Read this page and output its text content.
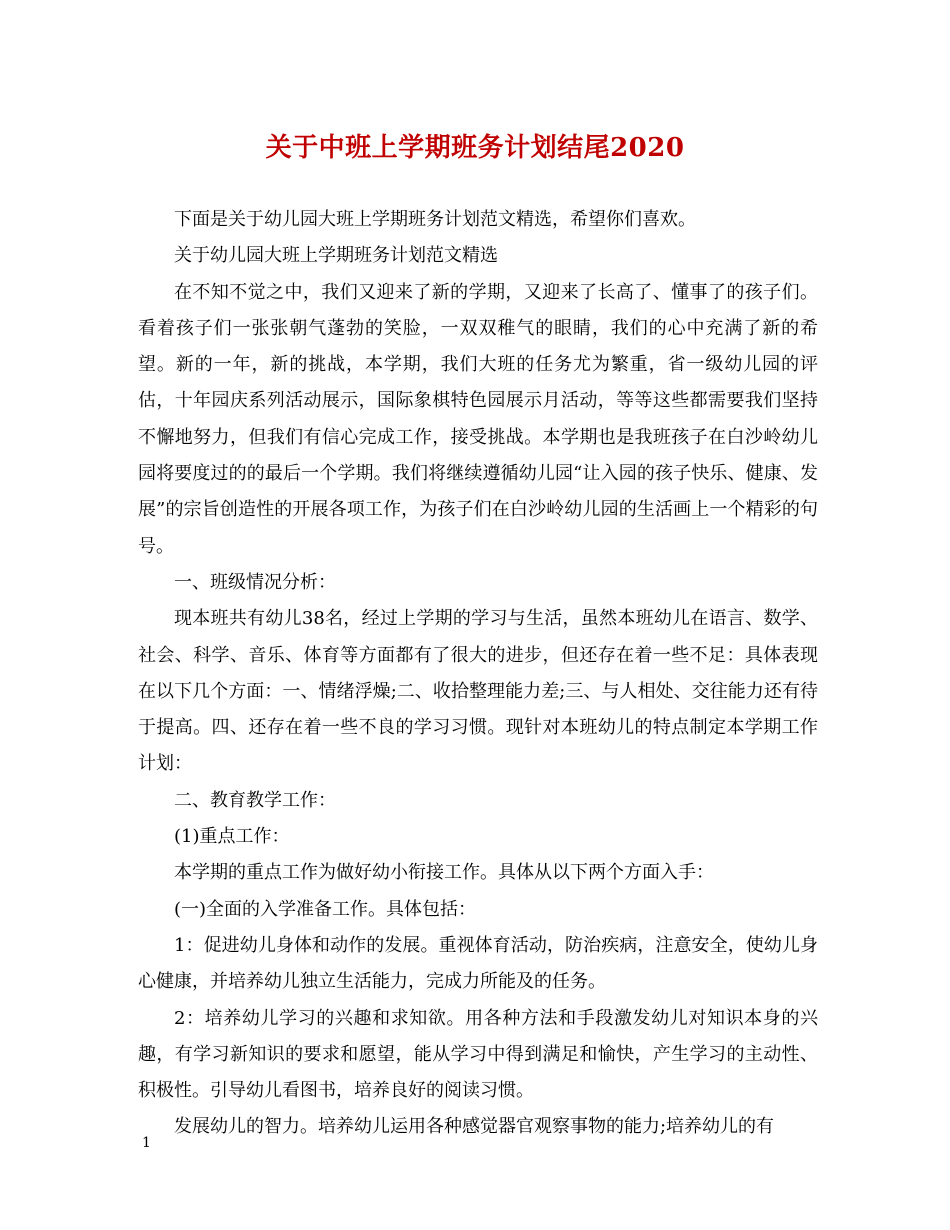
关于中班上学期班务计划结尾2020

下面是关于幼儿园大班上学期班务计划范文精选，希望你们喜欢。

关于幼儿园大班上学期班务计划范文精选

在不知不觉之中，我们又迎来了新的学期，又迎来了长高了、懂事了的孩子们。看着孩子们一张张朝气蓬勃的笑脸，一双双稚气的眼睛，我们的心中充满了新的希望。新的一年，新的挑战，本学期，我们大班的任务尤为繁重，省一级幼儿园的评估，十年园庆系列活动展示，国际象棋特色园展示月活动，等等这些都需要我们坚持不懈地努力，但我们有信心完成工作，接受挑战。本学期也是我班孩子在白沙岭幼儿园将要度过的的最后一个学期。我们将继续遵循幼儿园“让入园的孩子快乐、健康、发展”的宗旨创造性的开展各项工作，为孩子们在白沙岭幼儿园的生活画上一个精彩的句号。

一、班级情况分析：

现本班共有幼儿38名，经过上学期的学习与生活，虽然本班幼儿在语言、数学、社会、科学、音乐、体育等方面都有了很大的进步，但还存在着一些不足：具体表现在以下几个方面：一、情绪浮燥;二、收拾整理能力差;三、与人相处、交往能力还有待于提高。四、还存在着一些不良的学习习惯。现针对本班幼儿的特点制定本学期工作计划：

二、教育教学工作：

(1)重点工作：

本学期的重点工作为做好幼小衔接工作。具体从以下两个方面入手：

(一)全面的入学准备工作。具体包括：

1：促进幼儿身体和动作的发展。重视体育活动，防治疾病，注意安全，使幼儿身心健康，并培养幼儿独立生活能力，完成力所能及的任务。

2：培养幼儿学习的兴趣和求知欲。用各种方法和手段激发幼儿对知识本身的兴趣，有学习新知识的要求和愿望，能从学习中得到满足和愉快，产生学习的主动性、积极性。引导幼儿看图书，培养良好的阅读习惯。

发展幼儿的智力。培养幼儿运用各种感觉器官观察事物的能力;培养幼儿的有

1
